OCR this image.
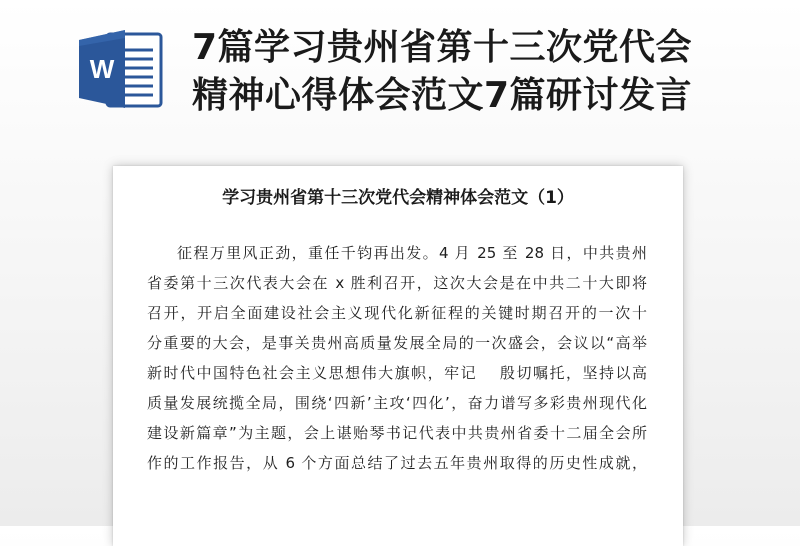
W
7篇学习贵州省第十三次党代会
精神心得体会范文7篇研讨发言
学习贵州省第十三次党代会精神体会范文（1）
征程万里风正劲，重任千钧再出发。4 月 25 至 28 日，中共贵州
省委第十三次代表大会在 x 胜利召开，这次大会是在中共二十大即将
召开，开启全面建设社会主义现代化新征程的关键时期召开的一次十
分重要的大会，是事关贵州高质量发展全局的一次盛会，会议以“高举
新时代中国特色社会主义思想伟大旗帜，牢记　 殷切嘱托，坚持以高
质量发展统揽全局，围绕‘四新’主攻‘四化’，奋力谱写多彩贵州现代化
建设新篇章”为主题，会上谌贻琴书记代表中共贵州省委十二届全会所
作的工作报告，从 6 个方面总结了过去五年贵州取得的历史性成就，
